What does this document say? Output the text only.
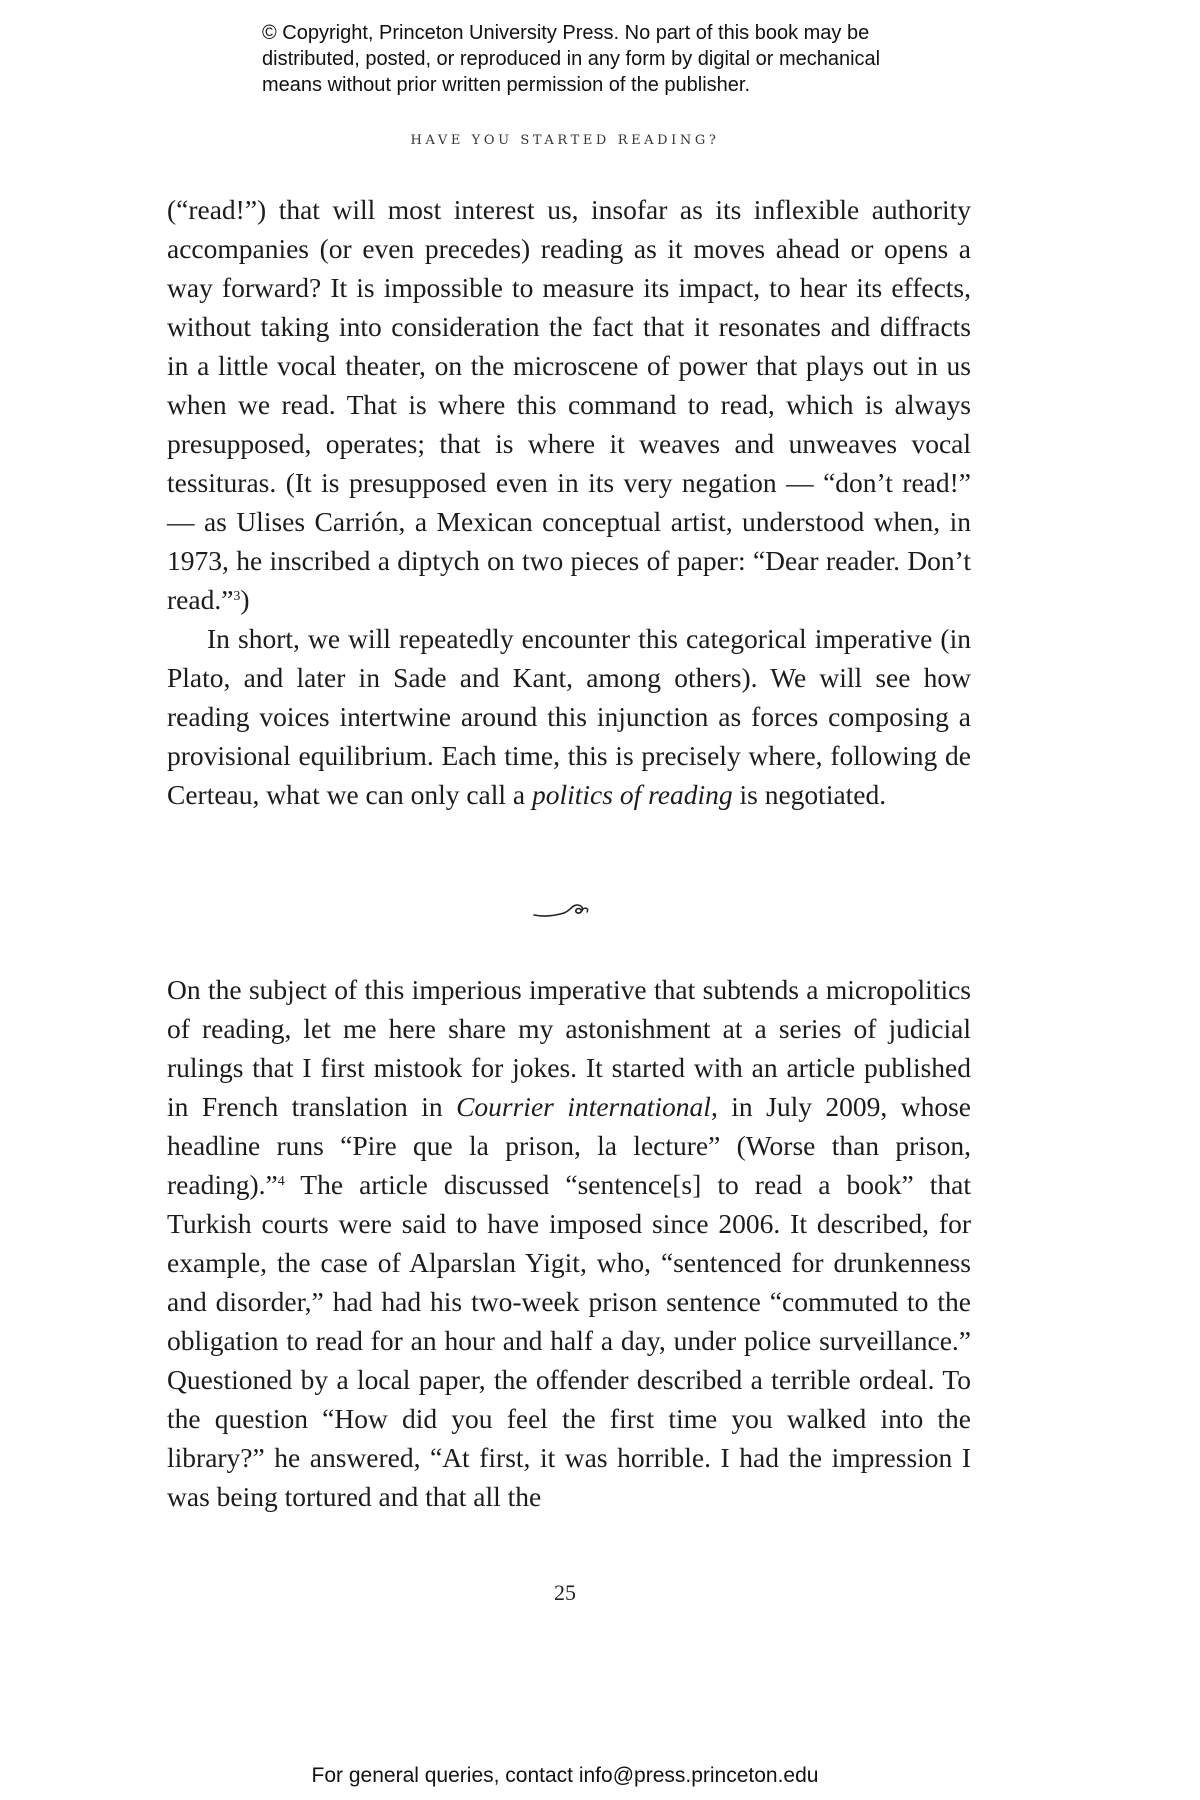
© Copyright, Princeton University Press. No part of this book may be
distributed, posted, or reproduced in any form by digital or mechanical
means without prior written permission of the publisher.
HAVE YOU STARTED READING?

(“read!”) that will most interest us, insofar as its inflexible authority accompanies (or even precedes) reading as it moves ahead or opens a way forward? It is impossible to measure its impact, to hear its effects, without taking into consideration the fact that it resonates and diffracts in a little vocal theater, on the microscene of power that plays out in us when we read. That is where this command to read, which is always presupposed, operates; that is where it weaves and unweaves vocal tessituras. (It is presupposed even in its very negation — “don’t read!” — as Ulises Carrión, a Mexican conceptual artist, understood when, in 1973, he inscribed a diptych on two pieces of paper: “Dear reader. Don’t read.”$^3$)

In short, we will repeatedly encounter this categorical imperative (in Plato, and later in Sade and Kant, among others). We will see how reading voices intertwine around this injunction as forces composing a provisional equilibrium. Each time, this is precisely where, following de Certeau, what we can only call a politics of reading is negotiated.

On the subject of this imperious imperative that subtends a micropolitics of reading, let me here share my astonishment at a series of judicial rulings that I first mistook for jokes. It started with an article published in French translation in Courrier international, in July 2009, whose headline runs “Pire que la prison, la lecture” (Worse than prison, reading).”$^4$ The article discussed “sentence[s] to read a book” that Turkish courts were said to have imposed since 2006. It described, for example, the case of Alparslan Yigit, who, “sentenced for drunkenness and disorder,” had had his two-week prison sentence “commuted to the obligation to read for an hour and half a day, under police surveillance.” Questioned by a local paper, the offender described a terrible ordeal. To the question “How did you feel the first time you walked into the library?” he answered, “At first, it was horrible. I had the impression I was being tortured and that all the

25
For general queries, contact info@press.princeton.edu
